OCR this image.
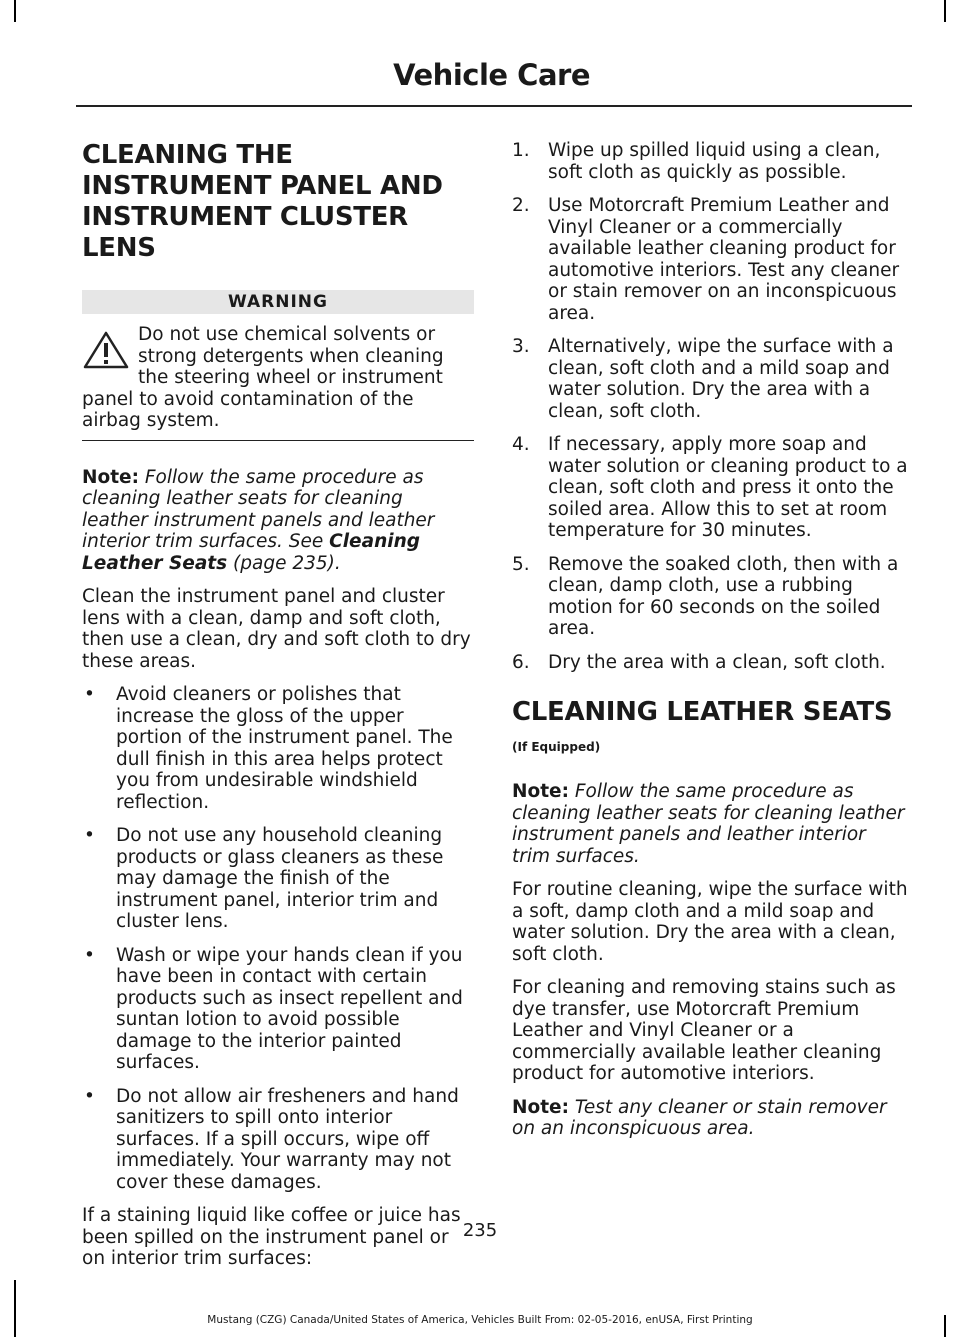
Vehicle Care
CLEANING THE INSTRUMENT PANEL AND INSTRUMENT CLUSTER LENS
WARNING

Do not use chemical solvents or strong detergents when cleaning the steering wheel or instrument panel to avoid contamination of the airbag system.

Note: Follow the same procedure as cleaning leather seats for cleaning leather instrument panels and leather interior trim surfaces. See Cleaning Leather Seats (page 235).

Clean the instrument panel and cluster lens with a clean, damp and soft cloth, then use a clean, dry and soft cloth to dry these areas.

• Avoid cleaners or polishes that increase the gloss of the upper portion of the instrument panel. The dull finish in this area helps protect you from undesirable windshield reflection.
• Do not use any household cleaning products or glass cleaners as these may damage the finish of the instrument panel, interior trim and cluster lens.
• Wash or wipe your hands clean if you have been in contact with certain products such as insect repellent and suntan lotion to avoid possible damage to the interior painted surfaces.
• Do not allow air fresheners and hand sanitizers to spill onto interior surfaces. If a spill occurs, wipe off immediately. Your warranty may not cover these damages.

If a staining liquid like coffee or juice has been spilled on the instrument panel or on interior trim surfaces:

1. Wipe up spilled liquid using a clean, soft cloth as quickly as possible.
2. Use Motorcraft Premium Leather and Vinyl Cleaner or a commercially available leather cleaning product for automotive interiors. Test any cleaner or stain remover on an inconspicuous area.
3. Alternatively, wipe the surface with a clean, soft cloth and a mild soap and water solution. Dry the area with a clean, soft cloth.
4. If necessary, apply more soap and water solution or cleaning product to a clean, soft cloth and press it onto the soiled area. Allow this to set at room temperature for 30 minutes.
5. Remove the soaked cloth, then with a clean, damp cloth, use a rubbing motion for 60 seconds on the soiled area.
6. Dry the area with a clean, soft cloth.
CLEANING LEATHER SEATS (If Equipped)

Note: Follow the same procedure as cleaning leather seats for cleaning leather instrument panels and leather interior trim surfaces.

For routine cleaning, wipe the surface with a soft, damp cloth and a mild soap and water solution. Dry the area with a clean, soft cloth.

For cleaning and removing stains such as dye transfer, use Motorcraft Premium Leather and Vinyl Cleaner or a commercially available leather cleaning product for automotive interiors.

Note: Test any cleaner or stain remover on an inconspicuous area.

235
Mustang (CZG) Canada/United States of America, Vehicles Built From: 02-05-2016, enUSA, First Printing
